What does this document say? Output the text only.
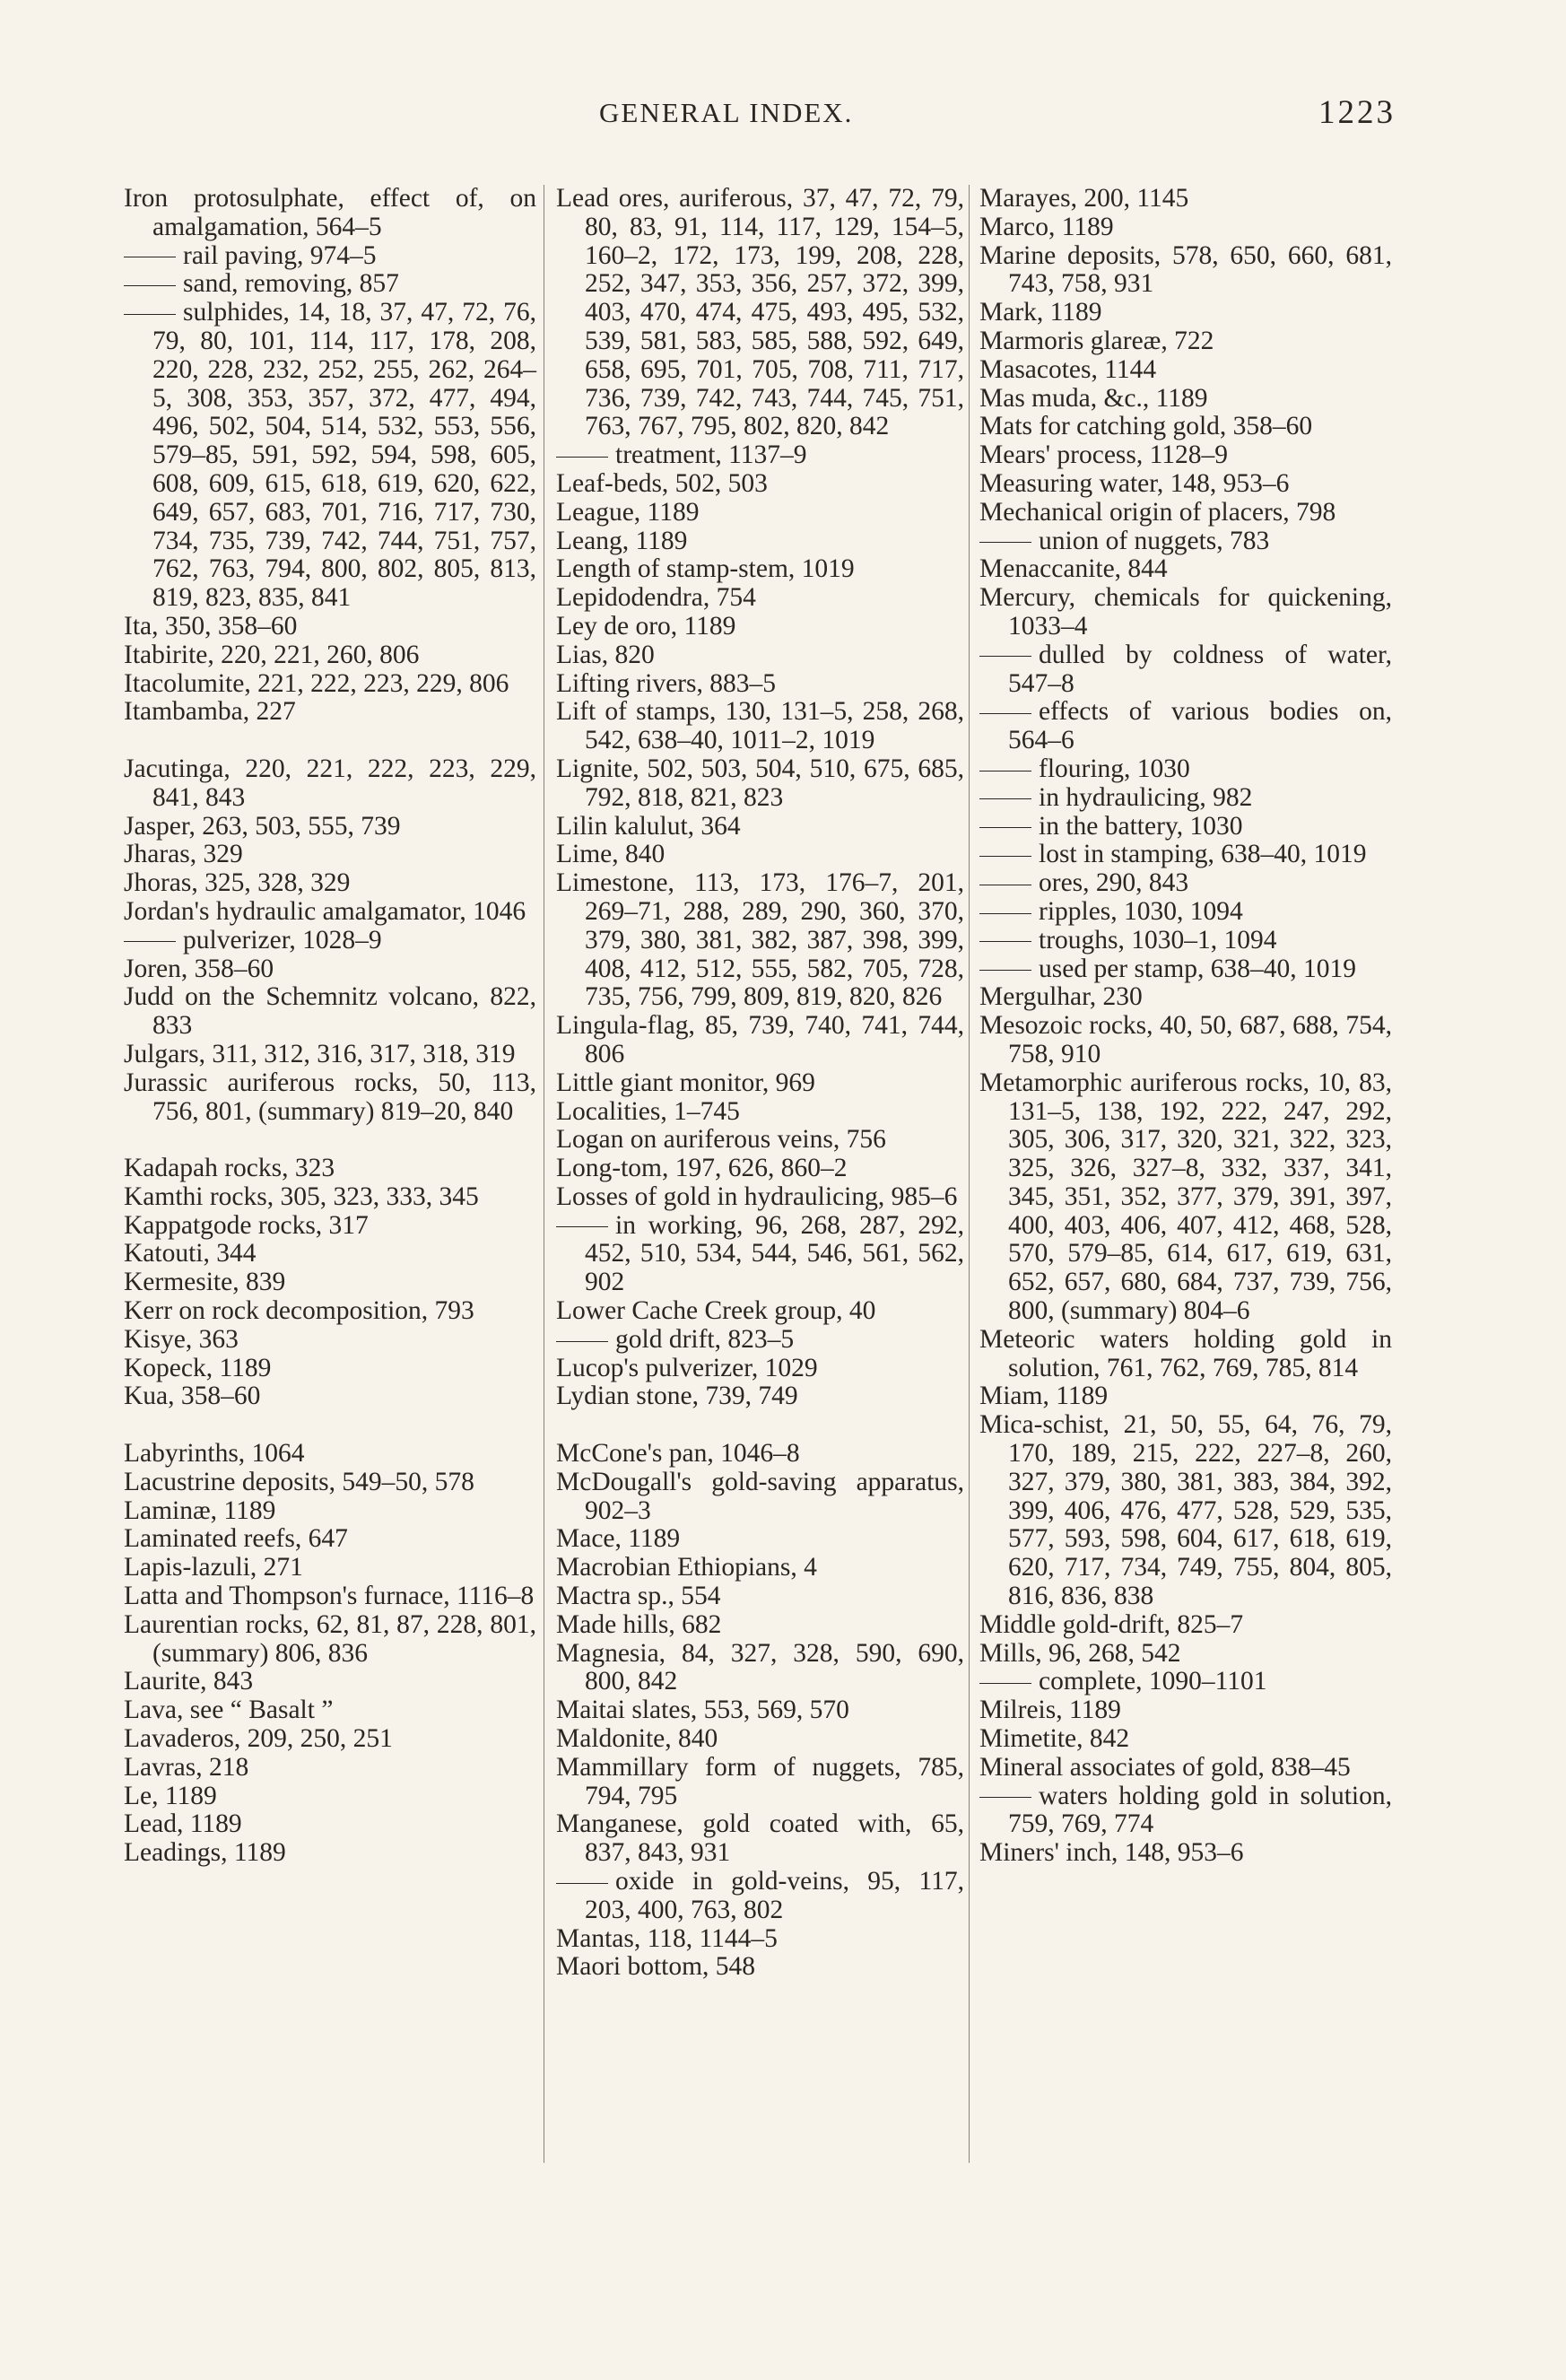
GENERAL INDEX.	1223

Iron protosulphate, effect of, on amalgamation, 564–5

rail paving, 974–5

sand, removing, 857

sulphides, 14, 18, 37, 47, 72, 76, 79, 80, 101, 114, 117, 178, 208, 220, 228, 232, 252, 255, 262, 264–5, 308, 353, 357, 372, 477, 494, 496, 502, 504, 514, 532, 553, 556, 579–85, 591, 592, 594, 598, 605, 608, 609, 615, 618, 619, 620, 622, 649, 657, 683, 701, 716, 717, 730, 734, 735, 739, 742, 744, 751, 757, 762, 763, 794, 800, 802, 805, 813, 819, 823, 835, 841

Ita, 350, 358–60

Itabirite, 220, 221, 260, 806

Itacolumite, 221, 222, 223, 229, 806

Itambamba, 227

Jacutinga, 220, 221, 222, 223, 229, 841, 843

Jasper, 263, 503, 555, 739

Jharas, 329

Jhoras, 325, 328, 329

Jordan's hydraulic amalgamator, 1046

pulverizer, 1028–9

Joren, 358–60

Judd on the Schemnitz volcano, 822, 833

Julgars, 311, 312, 316, 317, 318, 319

Jurassic auriferous rocks, 50, 113, 756, 801, (summary) 819–20, 840

Kadapah rocks, 323

Kamthi rocks, 305, 323, 333, 345

Kappatgode rocks, 317

Katouti, 344

Kermesite, 839

Kerr on rock decomposition, 793

Kisye, 363

Kopeck, 1189

Kua, 358–60

Labyrinths, 1064

Lacustrine deposits, 549–50, 578

Laminæ, 1189

Laminated reefs, 647

Lapis-lazuli, 271

Latta and Thompson's furnace, 1116–8

Laurentian rocks, 62, 81, 87, 228, 801, (summary) 806, 836

Laurite, 843

Lava, see “ Basalt ”

Lavaderos, 209, 250, 251

Lavras, 218

Le, 1189

Lead, 1189

Leadings, 1189

Lead ores, auriferous, 37, 47, 72, 79, 80, 83, 91, 114, 117, 129, 154–5, 160–2, 172, 173, 199, 208, 228, 252, 347, 353, 356, 257, 372, 399, 403, 470, 474, 475, 493, 495, 532, 539, 581, 583, 585, 588, 592, 649, 658, 695, 701, 705, 708, 711, 717, 736, 739, 742, 743, 744, 745, 751, 763, 767, 795, 802, 820, 842

treatment, 1137–9

Leaf-beds, 502, 503

League, 1189

Leang, 1189

Length of stamp-stem, 1019

Lepidodendra, 754

Ley de oro, 1189

Lias, 820

Lifting rivers, 883–5

Lift of stamps, 130, 131–5, 258, 268, 542, 638–40, 1011–2, 1019

Lignite, 502, 503, 504, 510, 675, 685, 792, 818, 821, 823

Lilin kalulut, 364

Lime, 840

Limestone, 113, 173, 176–7, 201, 269–71, 288, 289, 290, 360, 370, 379, 380, 381, 382, 387, 398, 399, 408, 412, 512, 555, 582, 705, 728, 735, 756, 799, 809, 819, 820, 826

Lingula-flag, 85, 739, 740, 741, 744, 806

Little giant monitor, 969

Localities, 1–745

Logan on auriferous veins, 756

Long-tom, 197, 626, 860–2

Losses of gold in hydraulicing, 985–6

in working, 96, 268, 287, 292, 452, 510, 534, 544, 546, 561, 562, 902

Lower Cache Creek group, 40

gold drift, 823–5

Lucop's pulverizer, 1029

Lydian stone, 739, 749

McCone's pan, 1046–8

McDougall's gold-saving apparatus, 902–3

Mace, 1189

Macrobian Ethiopians, 4

Mactra sp., 554

Made hills, 682

Magnesia, 84, 327, 328, 590, 690, 800, 842

Maitai slates, 553, 569, 570

Maldonite, 840

Mammillary form of nuggets, 785, 794, 795

Manganese, gold coated with, 65, 837, 843, 931

oxide in gold-veins, 95, 117, 203, 400, 763, 802

Mantas, 118, 1144–5

Maori bottom, 548

Marayes, 200, 1145

Marco, 1189

Marine deposits, 578, 650, 660, 681, 743, 758, 931

Mark, 1189

Marmoris glareæ, 722

Masacotes, 1144

Mas muda, &c., 1189

Mats for catching gold, 358–60

Mears' process, 1128–9

Measuring water, 148, 953–6

Mechanical origin of placers, 798

union of nuggets, 783

Menaccanite, 844

Mercury, chemicals for quickening, 1033–4

dulled by coldness of water, 547–8

effects of various bodies on, 564–6

flouring, 1030

in hydraulicing, 982

in the battery, 1030

lost in stamping, 638–40, 1019

ores, 290, 843

ripples, 1030, 1094

troughs, 1030–1, 1094

used per stamp, 638–40, 1019

Mergulhar, 230

Mesozoic rocks, 40, 50, 687, 688, 754, 758, 910

Metamorphic auriferous rocks, 10, 83, 131–5, 138, 192, 222, 247, 292, 305, 306, 317, 320, 321, 322, 323, 325, 326, 327–8, 332, 337, 341, 345, 351, 352, 377, 379, 391, 397, 400, 403, 406, 407, 412, 468, 528, 570, 579–85, 614, 617, 619, 631, 652, 657, 680, 684, 737, 739, 756, 800, (summary) 804–6

Meteoric waters holding gold in solution, 761, 762, 769, 785, 814

Miam, 1189

Mica-schist, 21, 50, 55, 64, 76, 79, 170, 189, 215, 222, 227–8, 260, 327, 379, 380, 381, 383, 384, 392, 399, 406, 476, 477, 528, 529, 535, 577, 593, 598, 604, 617, 618, 619, 620, 717, 734, 749, 755, 804, 805, 816, 836, 838

Middle gold-drift, 825–7

Mills, 96, 268, 542

complete, 1090–1101

Milreis, 1189

Mimetite, 842

Mineral associates of gold, 838–45

waters holding gold in solution, 759, 769, 774

Miners' inch, 148, 953–6
